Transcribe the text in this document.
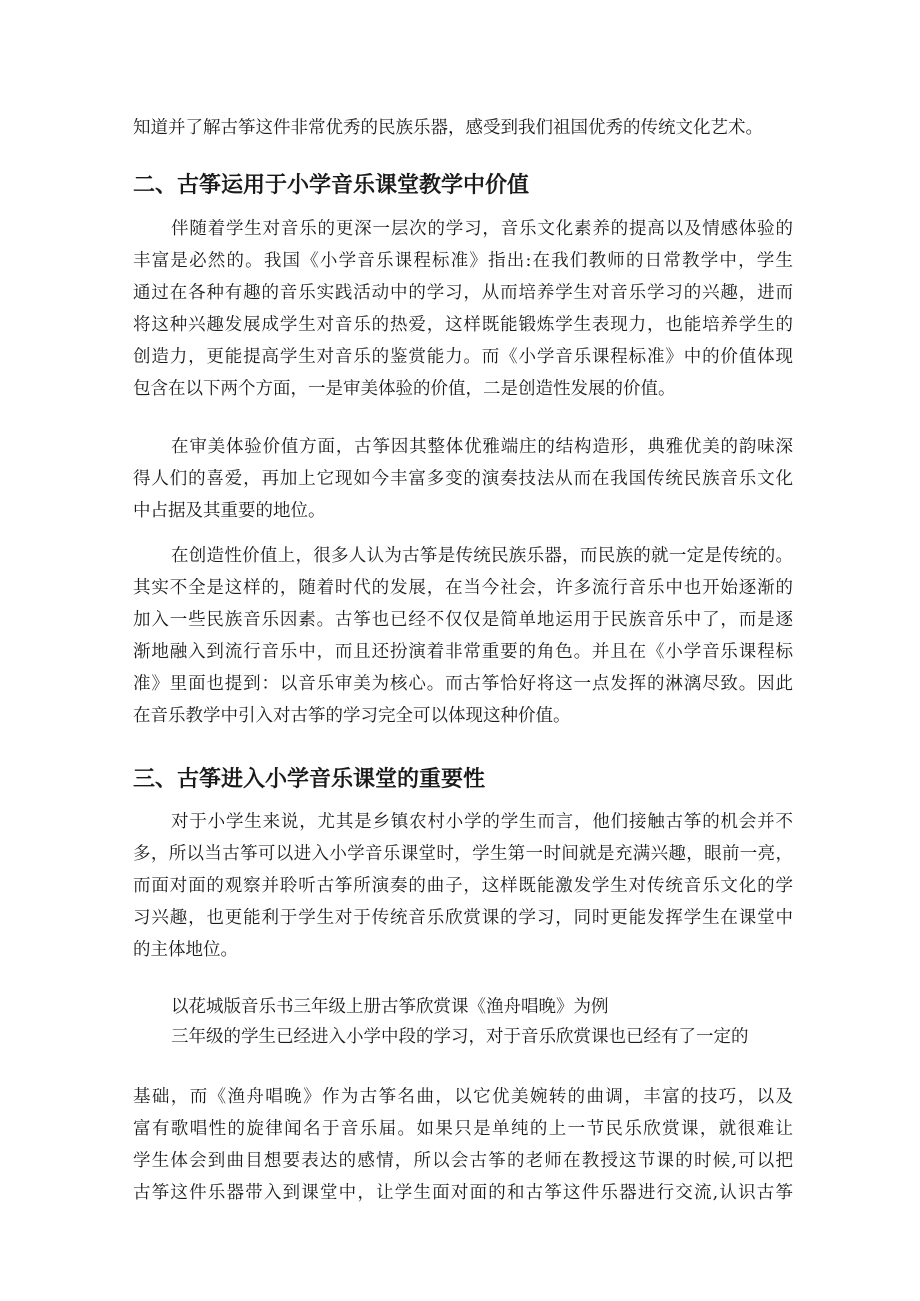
知道并了解古筝这件非常优秀的民族乐器，感受到我们祖国优秀的传统文化艺术。
二、古筝运用于小学音乐课堂教学中价值
伴随着学生对音乐的更深一层次的学习，音乐文化素养的提高以及情感体验的
丰富是必然的。我国《小学音乐课程标准》指出:在我们教师的日常教学中，学生
通过在各种有趣的音乐实践活动中的学习，从而培养学生对音乐学习的兴趣，进而
将这种兴趣发展成学生对音乐的热爱，这样既能锻炼学生表现力，也能培养学生的
创造力，更能提高学生对音乐的鉴赏能力。而《小学音乐课程标准》中的价值体现
包含在以下两个方面，一是审美体验的价值，二是创造性发展的价值。
在审美体验价值方面，古筝因其整体优雅端庄的结构造形，典雅优美的韵味深
得人们的喜爱，再加上它现如今丰富多变的演奏技法从而在我国传统民族音乐文化
中占据及其重要的地位。
在创造性价值上，很多人认为古筝是传统民族乐器，而民族的就一定是传统的。
其实不全是这样的，随着时代的发展，在当今社会，许多流行音乐中也开始逐渐的
加入一些民族音乐因素。古筝也已经不仅仅是简单地运用于民族音乐中了，而是逐
渐地融入到流行音乐中，而且还扮演着非常重要的角色。并且在《小学音乐课程标
准》里面也提到：以音乐审美为核心。而古筝恰好将这一点发挥的淋漓尽致。因此
在音乐教学中引入对古筝的学习完全可以体现这种价值。
三、古筝进入小学音乐课堂的重要性
对于小学生来说，尤其是乡镇农村小学的学生而言，他们接触古筝的机会并不
多，所以当古筝可以进入小学音乐课堂时，学生第一时间就是充满兴趣，眼前一亮，
而面对面的观察并聆听古筝所演奏的曲子，这样既能激发学生对传统音乐文化的学
习兴趣，也更能利于学生对于传统音乐欣赏课的学习，同时更能发挥学生在课堂中
的主体地位。
以花城版音乐书三年级上册古筝欣赏课《渔舟唱晚》为例
三年级的学生已经进入小学中段的学习，对于音乐欣赏课也已经有了一定的
基础，而《渔舟唱晚》作为古筝名曲，以它优美婉转的曲调，丰富的技巧，以及
富有歌唱性的旋律闻名于音乐届。如果只是单纯的上一节民乐欣赏课，就很难让
学生体会到曲目想要表达的感情，所以会古筝的老师在教授这节课的时候,可以把
古筝这件乐器带入到课堂中，让学生面对面的和古筝这件乐器进行交流,认识古筝
